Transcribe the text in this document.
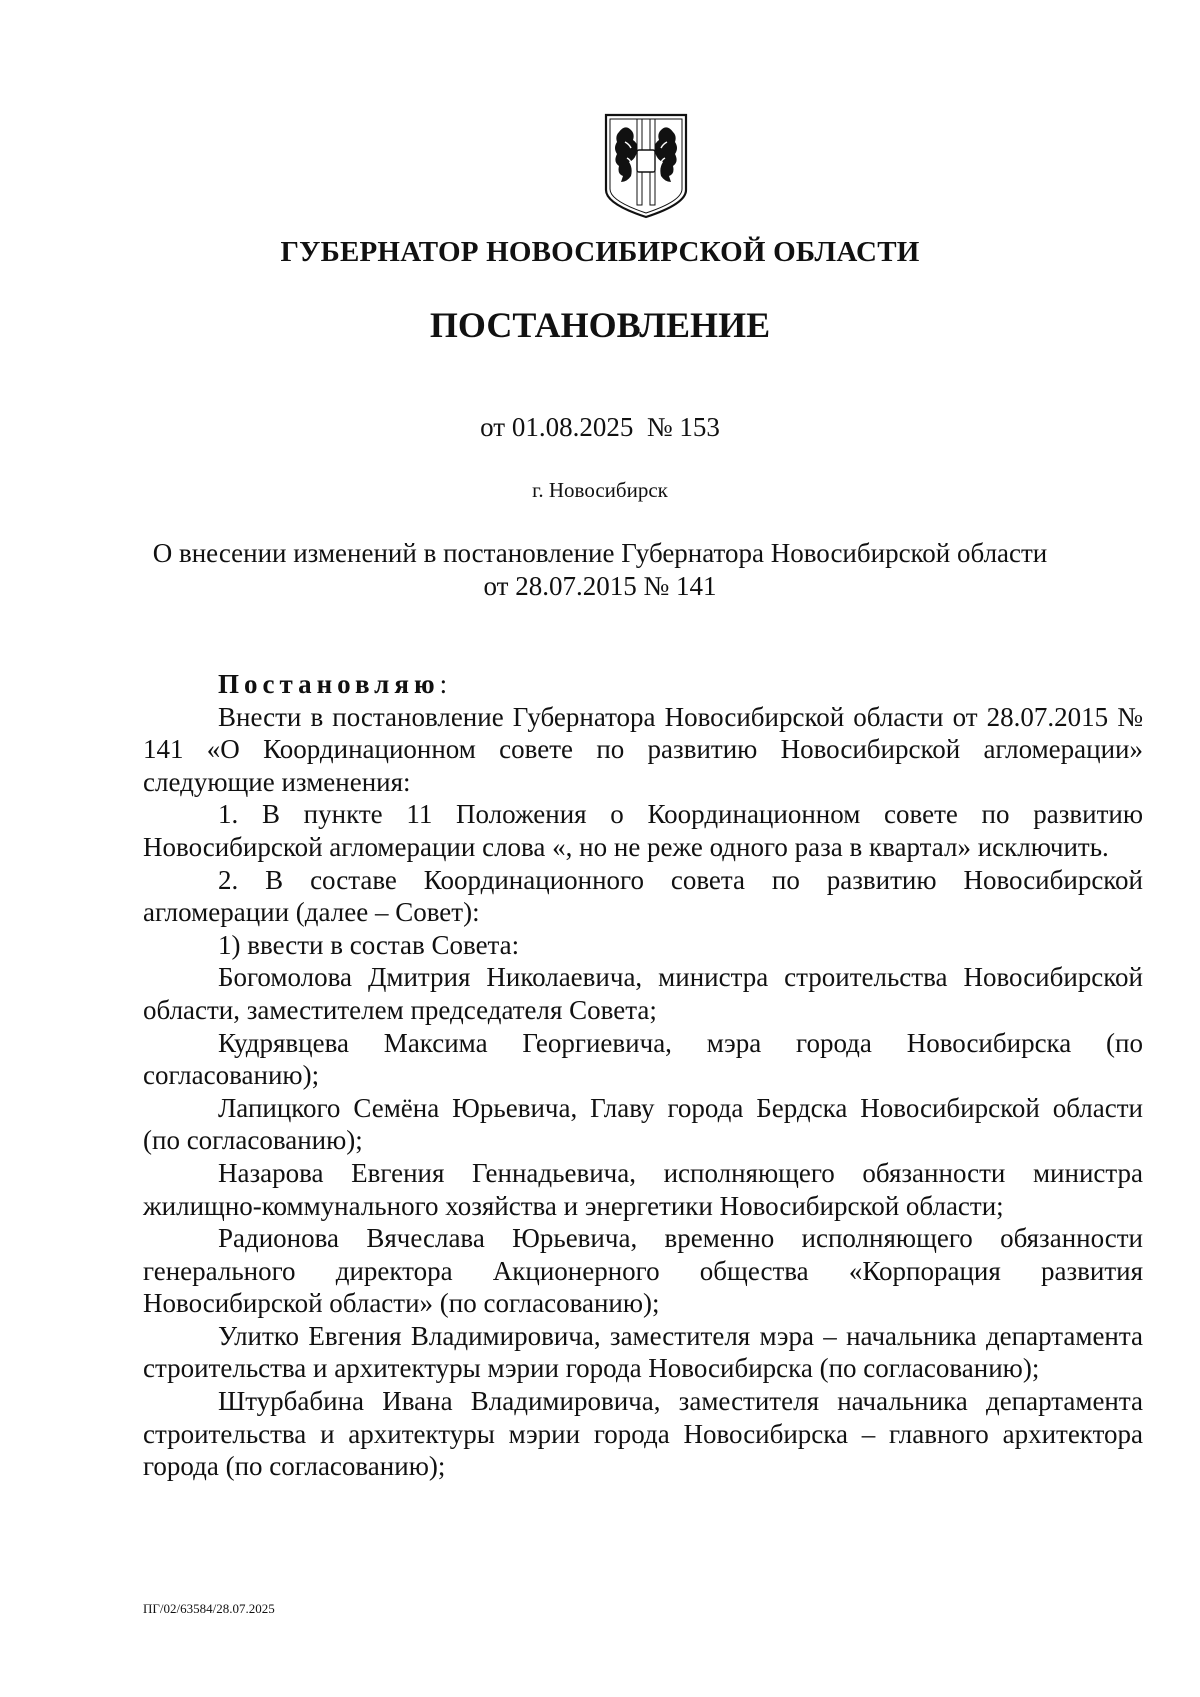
ГУБЕРНАТОР НОВОСИБИРСКОЙ ОБЛАСТИ
ПОСТАНОВЛЕНИЕ
от 01.08.2025  № 153
г. Новосибирск
О внесении изменений в постановление Губернатора Новосибирской области
от 28.07.2015 № 141

Постановляю:

Внести в постановление Губернатора Новосибирской области от 28.07.2015 № 141 «О Координационном совете по развитию Новосибирской агломерации» следующие изменения:

1. В пункте 11 Положения о Координационном совете по развитию Новосибирской агломерации слова «, но не реже одного раза в квартал» исключить.

2. В составе Координационного совета по развитию Новосибирской агломерации (далее – Совет):

1) ввести в состав Совета:

Богомолова Дмитрия Николаевича, министра строительства Новосибирской области, заместителем председателя Совета;

Кудрявцева Максима Георгиевича, мэра города Новосибирска (по согласованию);

Лапицкого Семёна Юрьевича, Главу города Бердска Новосибирской области (по согласованию);

Назарова Евгения Геннадьевича, исполняющего обязанности министра жилищно-коммунального хозяйства и энергетики Новосибирской области;

Радионова Вячеслава Юрьевича, временно исполняющего обязанности генерального директора Акционерного общества «Корпорация развития Новосибирской области» (по согласованию);

Улитко Евгения Владимировича, заместителя мэра – начальника департамента строительства и архитектуры мэрии города Новосибирска (по согласованию);

Штурбабина Ивана Владимировича, заместителя начальника департамента строительства и архитектуры мэрии города Новосибирска – главного архитектора города (по согласованию);

ПГ/02/63584/28.07.2025
